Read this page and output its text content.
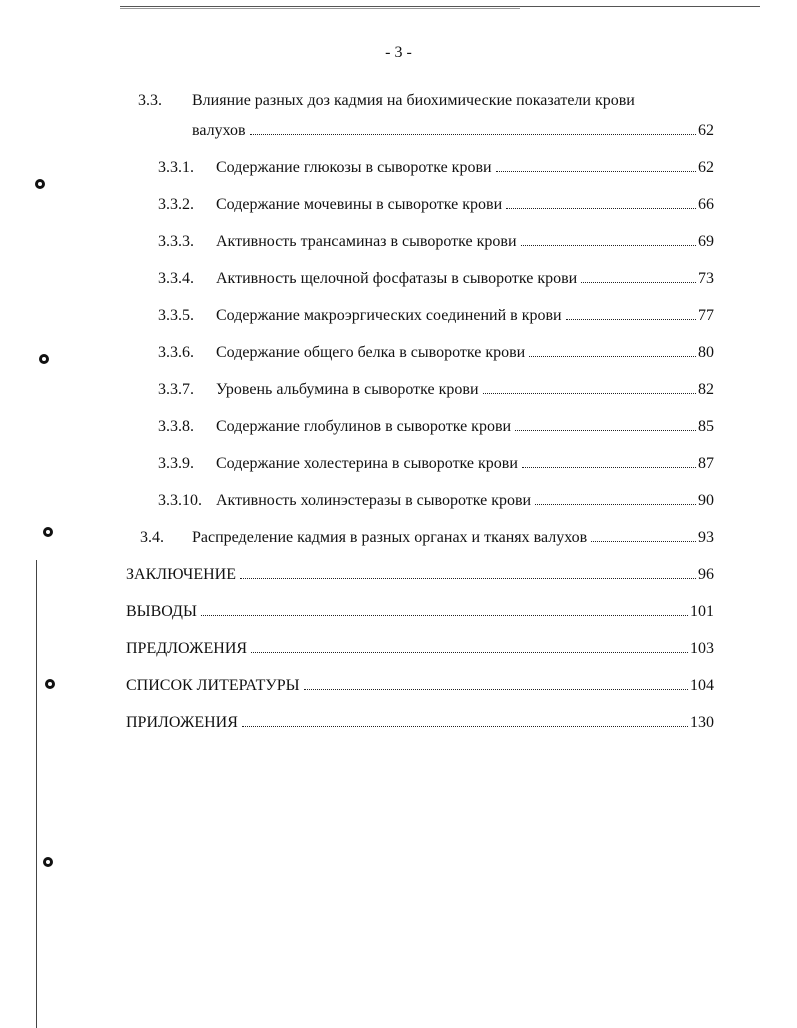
- 3 -
3.3. Влияние разных доз кадмия на биохимические показатели крови
валухов	62
3.3.1.	Содержание глюкозы в сыворотке крови	62
3.3.2.	Содержание мочевины в сыворотке крови	66
3.3.3.	Активность трансаминаз в сыворотке крови	69
3.3.4.	Активность щелочной фосфатазы в сыворотке крови	73
3.3.5.	Содержание макроэргических соединений в крови	77
3.3.6.	Содержание общего белка в сыворотке крови	80
3.3.7.	Уровень альбумина в сыворотке крови	82
3.3.8.	Содержание глобулинов в сыворотке крови	85
3.3.9.	Содержание холестерина в сыворотке крови	87
3.3.10. Активность холинэстеразы в сыворотке крови	90
3.4.	Распределение кадмия в разных органах и тканях валухов	93
ЗАКЛЮЧЕНИЕ	96
ВЫВОДЫ	101
ПРЕДЛОЖЕНИЯ	103
СПИСОК ЛИТЕРАТУРЫ	104
ПРИЛОЖЕНИЯ	130
